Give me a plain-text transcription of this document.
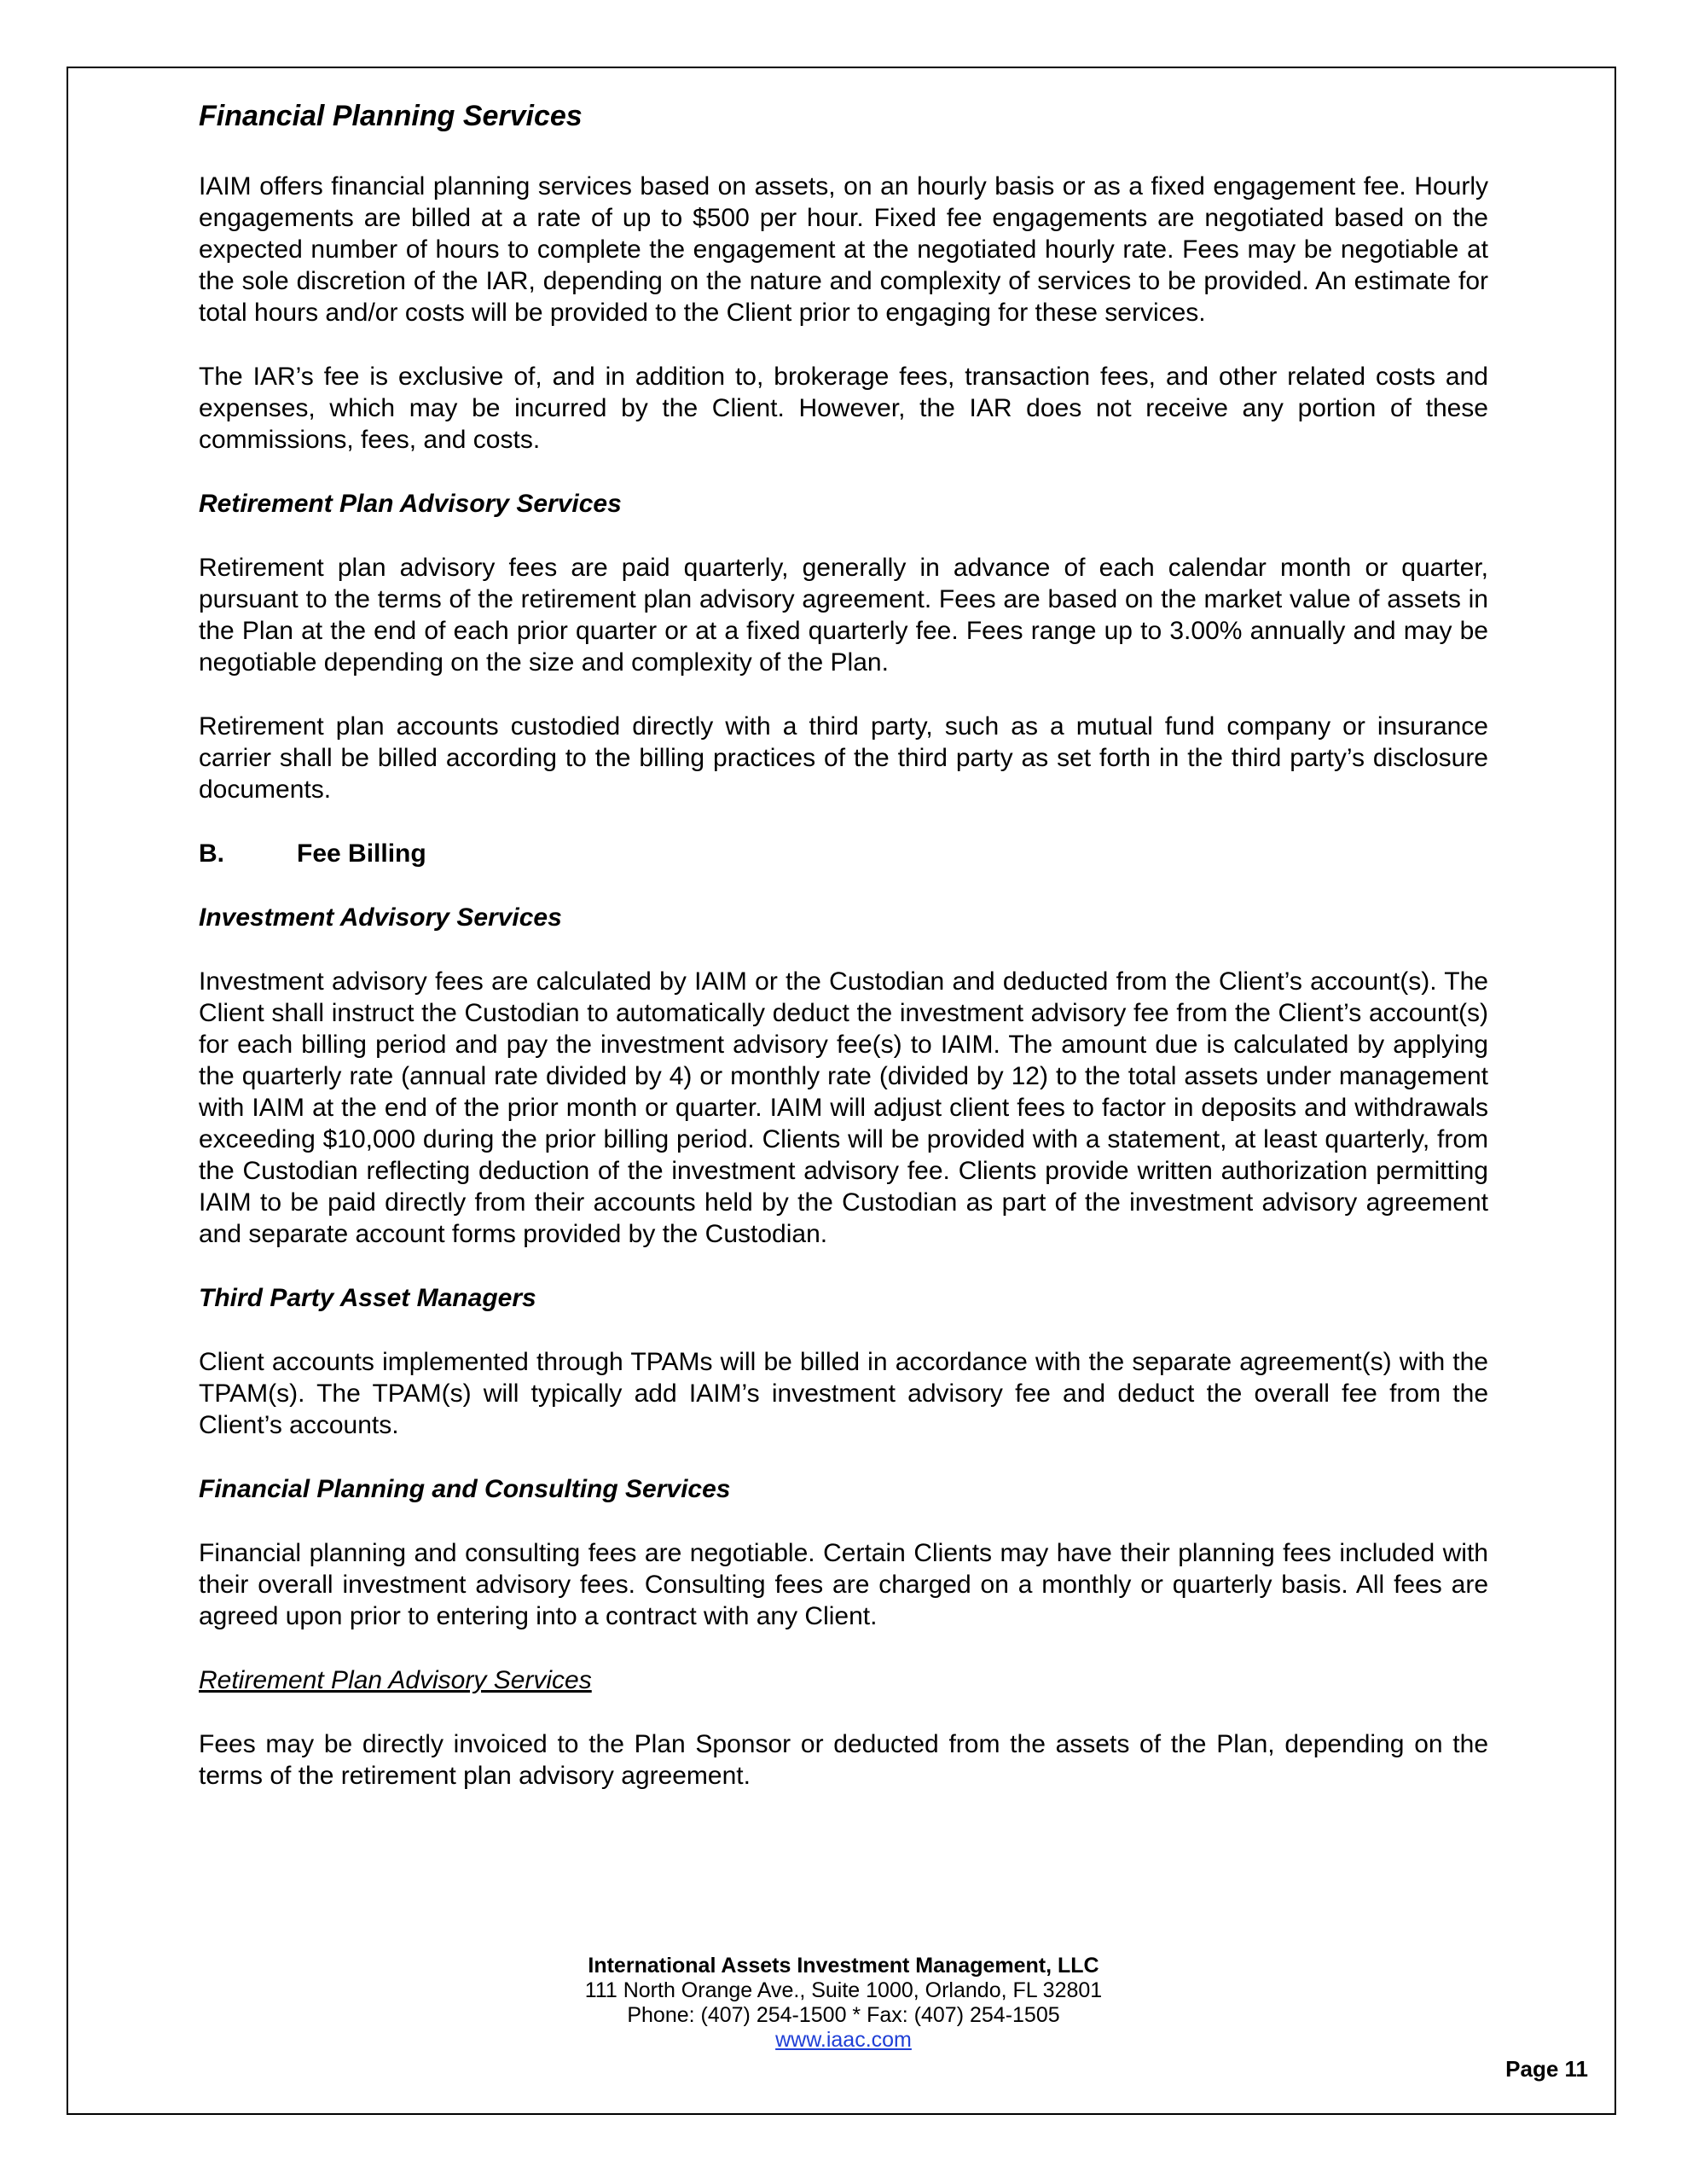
Financial Planning Services

IAIM offers financial planning services based on assets, on an hourly basis or as a fixed engagement fee. Hourly engagements are billed at a rate of up to $500 per hour. Fixed fee engagements are negotiated based on the expected number of hours to complete the engagement at the negotiated hourly rate. Fees may be negotiable at the sole discretion of the IAR, depending on the nature and complexity of services to be provided. An estimate for total hours and/or costs will be provided to the Client prior to engaging for these services.

The IAR’s fee is exclusive of, and in addition to, brokerage fees, transaction fees, and other related costs and expenses, which may be incurred by the Client. However, the IAR does not receive any portion of these commissions, fees, and costs.

Retirement Plan Advisory Services

Retirement plan advisory fees are paid quarterly, generally in advance of each calendar month or quarter, pursuant to the terms of the retirement plan advisory agreement. Fees are based on the market value of assets in the Plan at the end of each prior quarter or at a fixed quarterly fee. Fees range up to 3.00% annually and may be negotiable depending on the size and complexity of the Plan.

Retirement plan accounts custodied directly with a third party, such as a mutual fund company or insurance carrier shall be billed according to the billing practices of the third party as set forth in the third party’s disclosure documents.

B.	Fee Billing
Investment Advisory Services

Investment advisory fees are calculated by IAIM or the Custodian and deducted from the Client’s account(s). The Client shall instruct the Custodian to automatically deduct the investment advisory fee from the Client’s account(s) for each billing period and pay the investment advisory fee(s) to IAIM. The amount due is calculated by applying the quarterly rate (annual rate divided by 4) or monthly rate (divided by 12) to the total assets under management with IAIM at the end of the prior month or quarter. IAIM will adjust client fees to factor in deposits and withdrawals exceeding $10,000 during the prior billing period. Clients will be provided with a statement, at least quarterly, from the Custodian reflecting deduction of the investment advisory fee. Clients provide written authorization permitting IAIM to be paid directly from their accounts held by the Custodian as part of the investment advisory agreement and separate account forms provided by the Custodian.

Third Party Asset Managers

Client accounts implemented through TPAMs will be billed in accordance with the separate agreement(s) with the TPAM(s). The TPAM(s) will typically add IAIM’s investment advisory fee and deduct the overall fee from the Client’s accounts.

Financial Planning and Consulting Services

Financial planning and consulting fees are negotiable. Certain Clients may have their planning fees included with their overall investment advisory fees. Consulting fees are charged on a monthly or quarterly basis. All fees are agreed upon prior to entering into a contract with any Client.

Retirement Plan Advisory Services

Fees may be directly invoiced to the Plan Sponsor or deducted from the assets of the Plan, depending on the terms of the retirement plan advisory agreement.

International Assets Investment Management, LLC
111 North Orange Ave., Suite 1000, Orlando, FL 32801
Phone: (407) 254-1500 * Fax: (407) 254-1505
www.iaac.com
Page 11
